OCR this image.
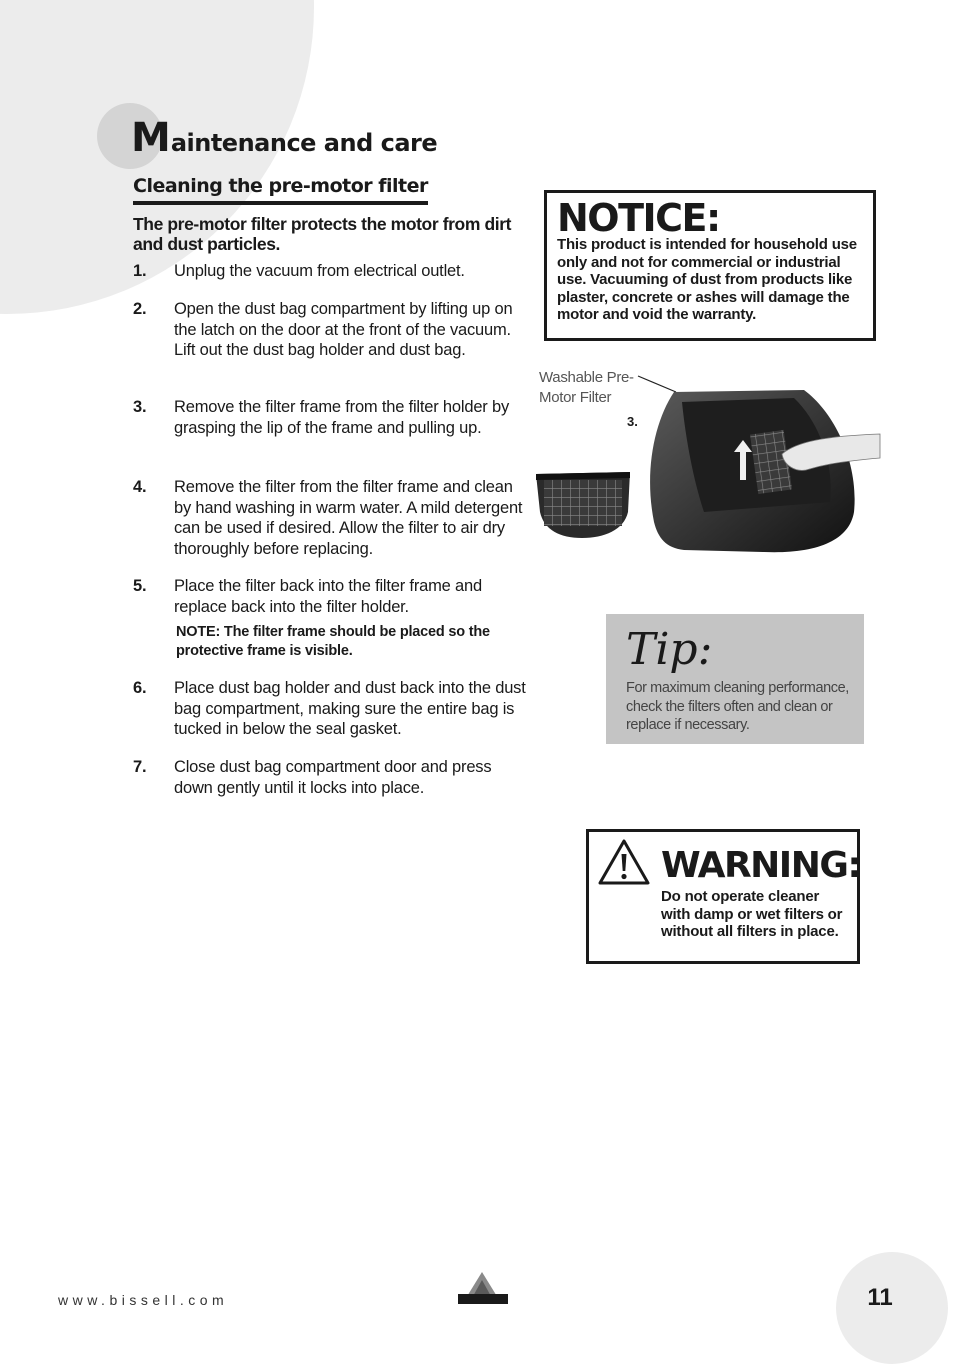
Maintenance and care
Cleaning the pre-motor filter
The pre-motor filter protects the motor from dirt and dust particles.
1. Unplug the vacuum from electrical outlet.
2. Open the dust bag compartment by lifting up on the latch on the door at the front of the vacuum. Lift out the dust bag holder and dust bag.
3. Remove the filter frame from the filter holder by grasping the lip of the frame and pulling up.
4. Remove the filter from the filter frame and clean by hand washing in warm water. A mild detergent can be used if desired. Allow the filter to air dry thoroughly before replacing.
5. Place the filter back into the filter frame and replace back into the filter holder.
NOTE: The filter frame should be placed so the protective frame is visible.
6. Place dust bag holder and dust back into the dust bag compartment, making sure the entire bag is tucked in below the seal gasket.
7. Close dust bag compartment door and press down gently until it locks into place.
NOTICE:
This product is intended for household use only and not for commercial or industrial use. Vacuuming of dust from products like plaster, concrete or ashes will damage the motor and void the warranty.
Washable Pre-Motor Filter
3.
Tip:
For maximum cleaning performance, check the filters often and clean or replace if necessary.
WARNING:
Do not operate cleaner with damp or wet filters or without all filters in place.
www.bissell.com	11
